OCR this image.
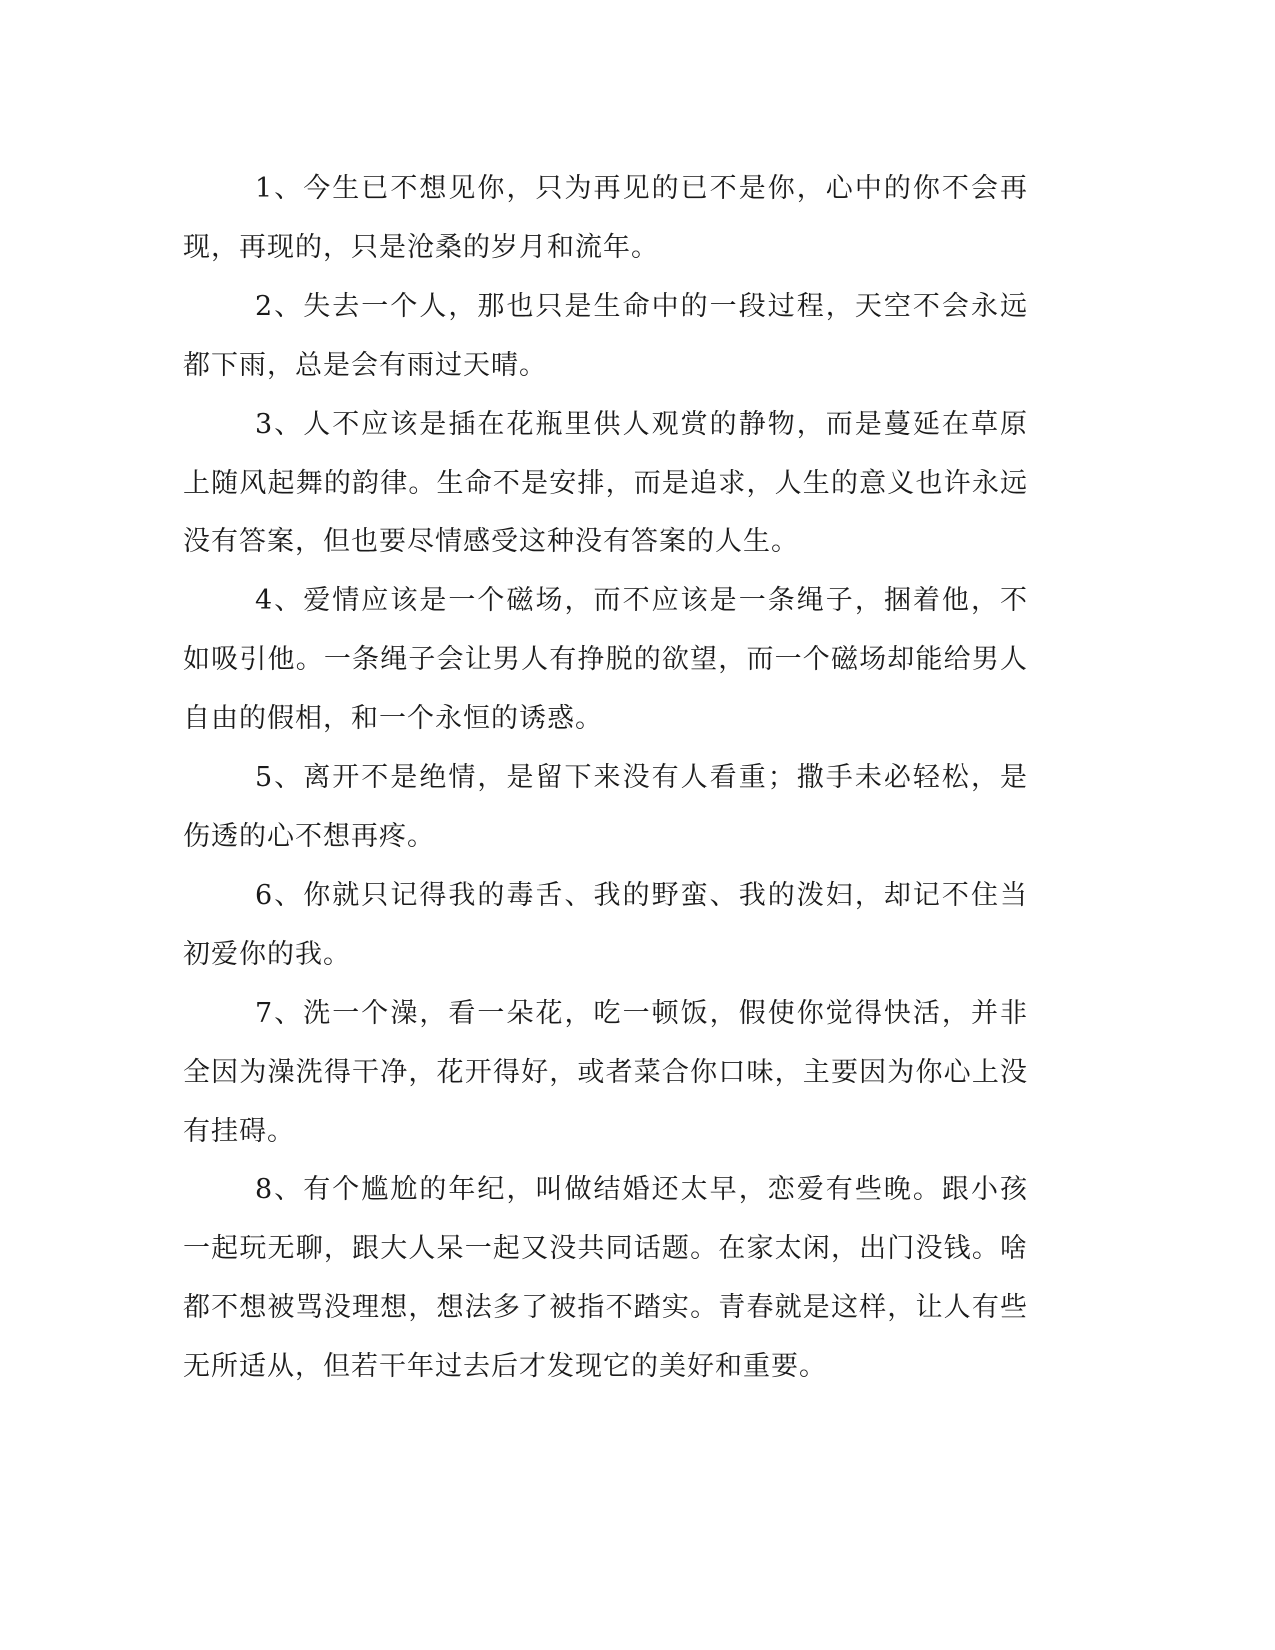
1、今生已不想见你，只为再见的已不是你，心中的你不会再现，再现的，只是沧桑的岁月和流年。

2、失去一个人，那也只是生命中的一段过程，天空不会永远都下雨，总是会有雨过天晴。

3、人不应该是插在花瓶里供人观赏的静物，而是蔓延在草原上随风起舞的韵律。生命不是安排，而是追求，人生的意义也许永远没有答案，但也要尽情感受这种没有答案的人生。

4、爱情应该是一个磁场，而不应该是一条绳子，捆着他，不如吸引他。一条绳子会让男人有挣脱的欲望，而一个磁场却能给男人自由的假相，和一个永恒的诱惑。

5、离开不是绝情，是留下来没有人看重；撒手未必轻松，是伤透的心不想再疼。

6、你就只记得我的毒舌、我的野蛮、我的泼妇，却记不住当初爱你的我。

7、洗一个澡，看一朵花，吃一顿饭，假使你觉得快活，并非全因为澡洗得干净，花开得好，或者菜合你口味，主要因为你心上没有挂碍。

8、有个尴尬的年纪，叫做结婚还太早，恋爱有些晚。跟小孩一起玩无聊，跟大人呆一起又没共同话题。在家太闲，出门没钱。啥都不想被骂没理想，想法多了被指不踏实。青春就是这样，让人有些无所适从，但若干年过去后才发现它的美好和重要。
